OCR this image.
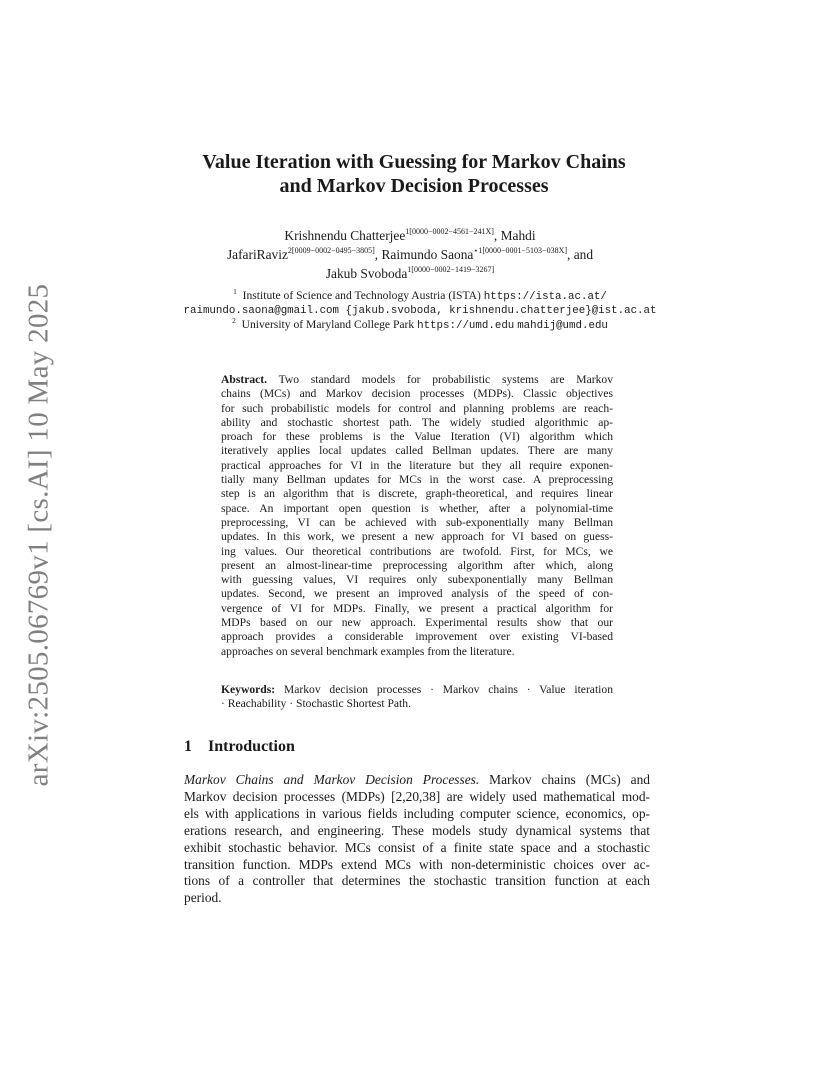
arXiv:2505.06769v1 [cs.AI] 10 May 2025
Value Iteration with Guessing for Markov Chains
and Markov Decision Processes
Krishnendu Chatterjee$^{1[0000-0002-4561-241X]}$, Mahdi
JafariRaviz$^{2[0009-0002-0495-3805]}$, Raimundo Saona$^{⋆1[0000-0001-5103-038X]}$, and
Jakub Svoboda$^{1[0000-0002-1419-3267]}$
$^1$ Institute of Science and Technology Austria (ISTA) https://ista.ac.at/
raimundo.saona@gmail.com {jakub.svoboda, krishnendu.chatterjee}@ist.ac.at
$^2$ University of Maryland College Park https://umd.edu mahdij@umd.edu
Abstract. Two standard models for probabilistic systems are Markov
chains (MCs) and Markov decision processes (MDPs). Classic objectives
for such probabilistic models for control and planning problems are reach-
ability and stochastic shortest path. The widely studied algorithmic ap-
proach for these problems is the Value Iteration (VI) algorithm which
iteratively applies local updates called Bellman updates. There are many
practical approaches for VI in the literature but they all require exponen-
tially many Bellman updates for MCs in the worst case. A preprocessing
step is an algorithm that is discrete, graph-theoretical, and requires linear
space. An important open question is whether, after a polynomial-time
preprocessing, VI can be achieved with sub-exponentially many Bellman
updates. In this work, we present a new approach for VI based on guess-
ing values. Our theoretical contributions are twofold. First, for MCs, we
present an almost-linear-time preprocessing algorithm after which, along
with guessing values, VI requires only subexponentially many Bellman
updates. Second, we present an improved analysis of the speed of con-
vergence of VI for MDPs. Finally, we present a practical algorithm for
MDPs based on our new approach. Experimental results show that our
approach provides a considerable improvement over existing VI-based
approaches on several benchmark examples from the literature.
Keywords: Markov decision processes · Markov chains · Value iteration
· Reachability · Stochastic Shortest Path.
1 Introduction
Markov Chains and Markov Decision Processes. Markov chains (MCs) and
Markov decision processes (MDPs) [2,20,38] are widely used mathematical mod-
els with applications in various fields including computer science, economics, op-
erations research, and engineering. These models study dynamical systems that
exhibit stochastic behavior. MCs consist of a finite state space and a stochastic
transition function. MDPs extend MCs with non-deterministic choices over ac-
tions of a controller that determines the stochastic transition function at each
period.
